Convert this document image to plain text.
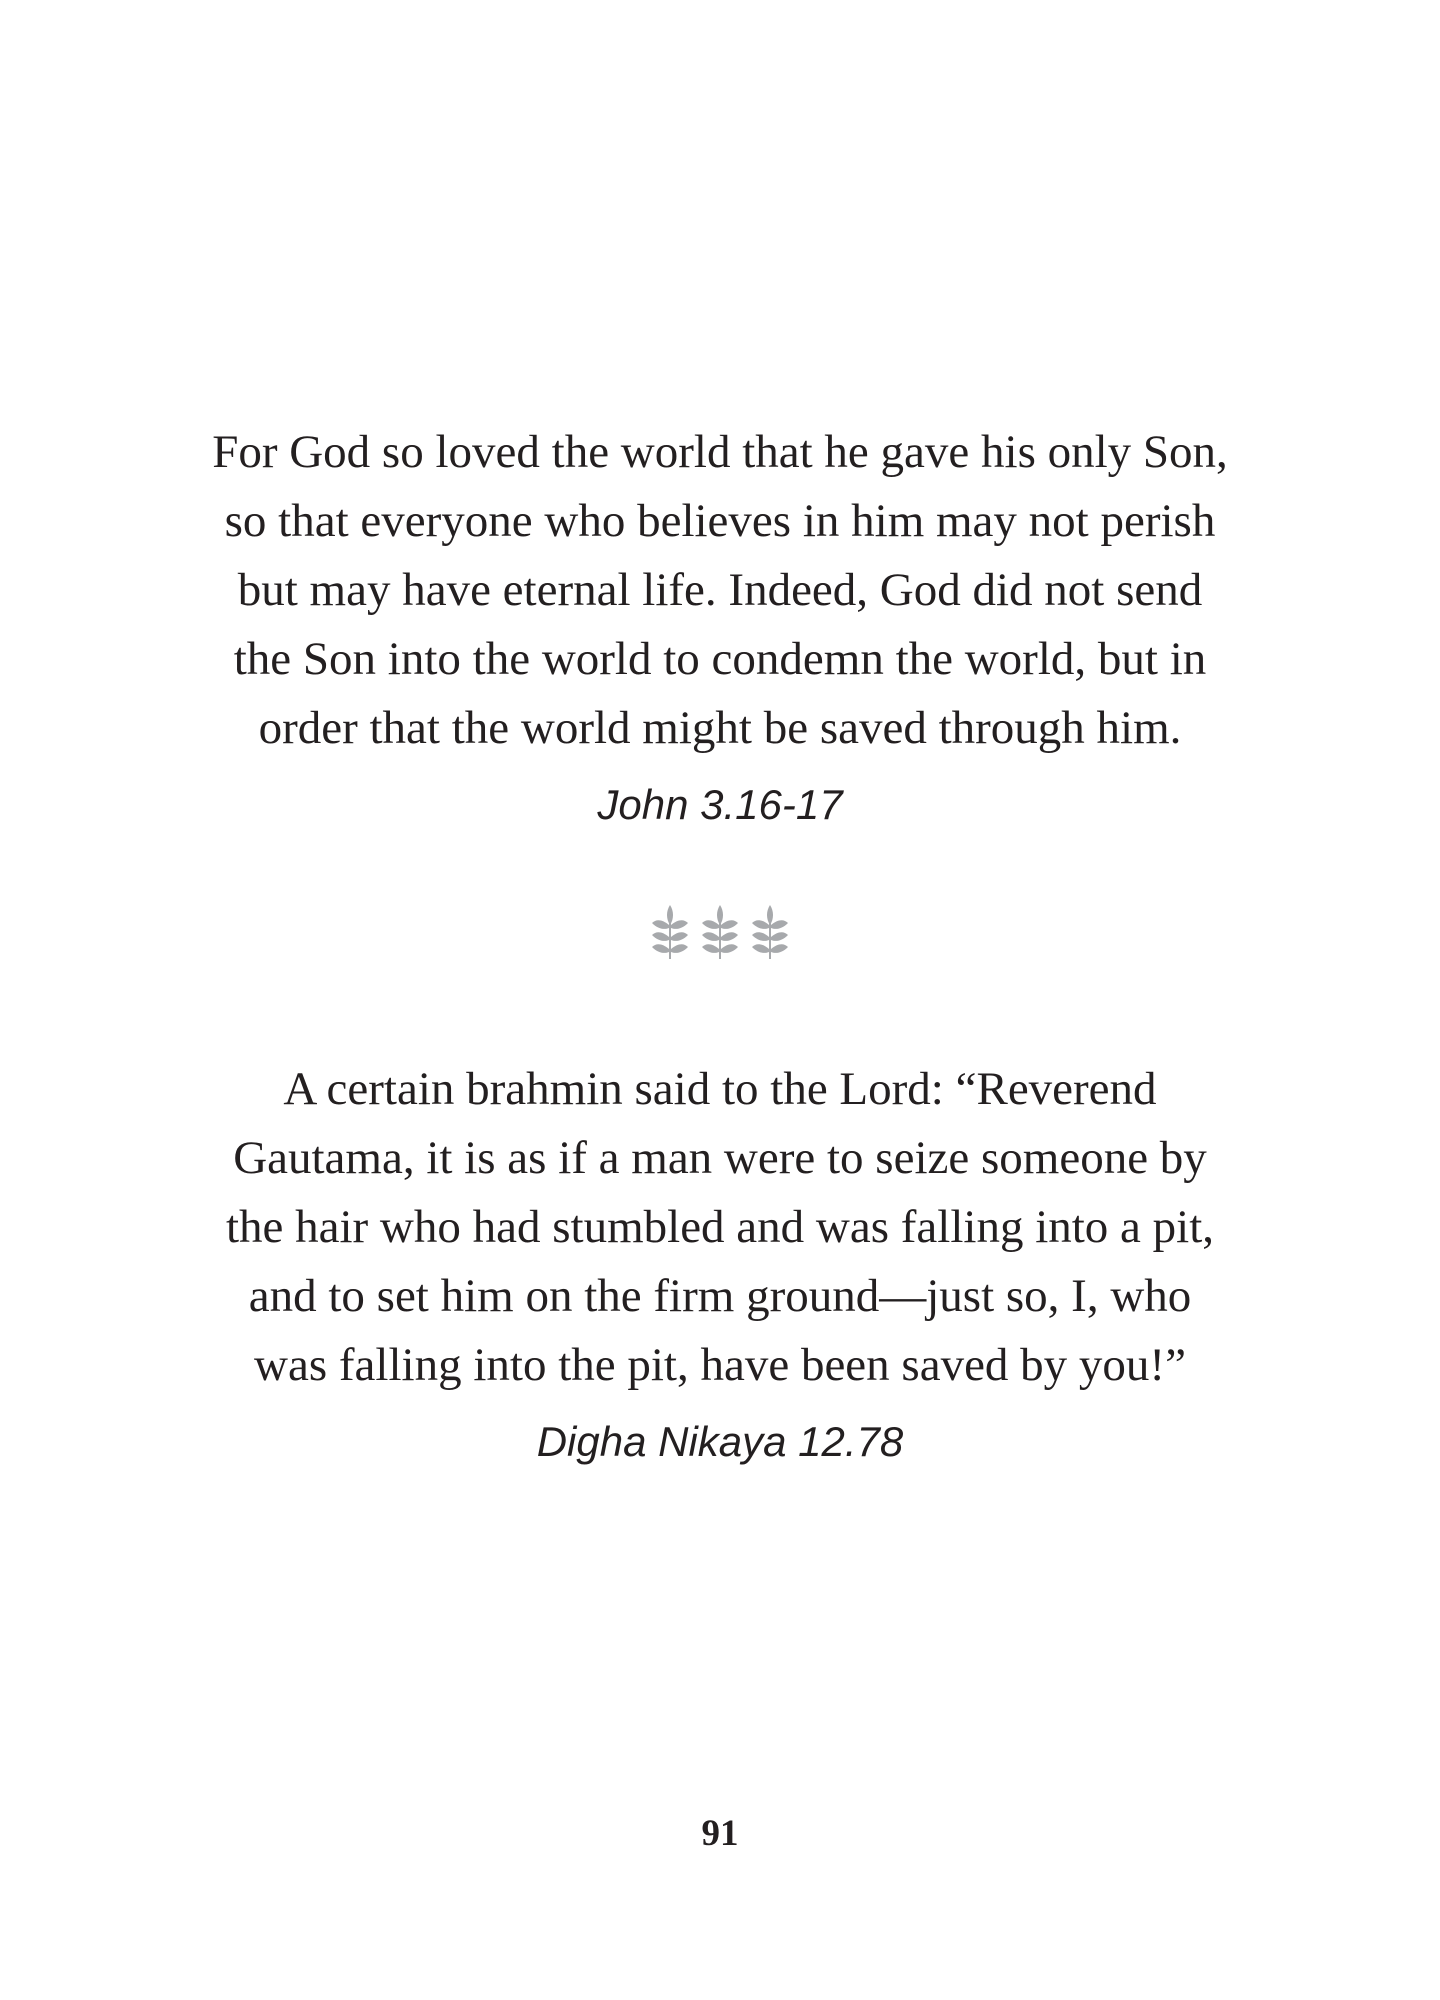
For God so loved the world that he gave his only Son,
so that everyone who believes in him may not perish
but may have eternal life. Indeed, God did not send
the Son into the world to condemn the world, but in
order that the world might be saved through him.

John 3.16-17

A certain brahmin said to the Lord: “Reverend
Gautama, it is as if a man were to seize someone by
the hair who had stumbled and was falling into a pit,
and to set him on the firm ground—just so, I, who
was falling into the pit, have been saved by you!”

Digha Nikaya 12.78

91
